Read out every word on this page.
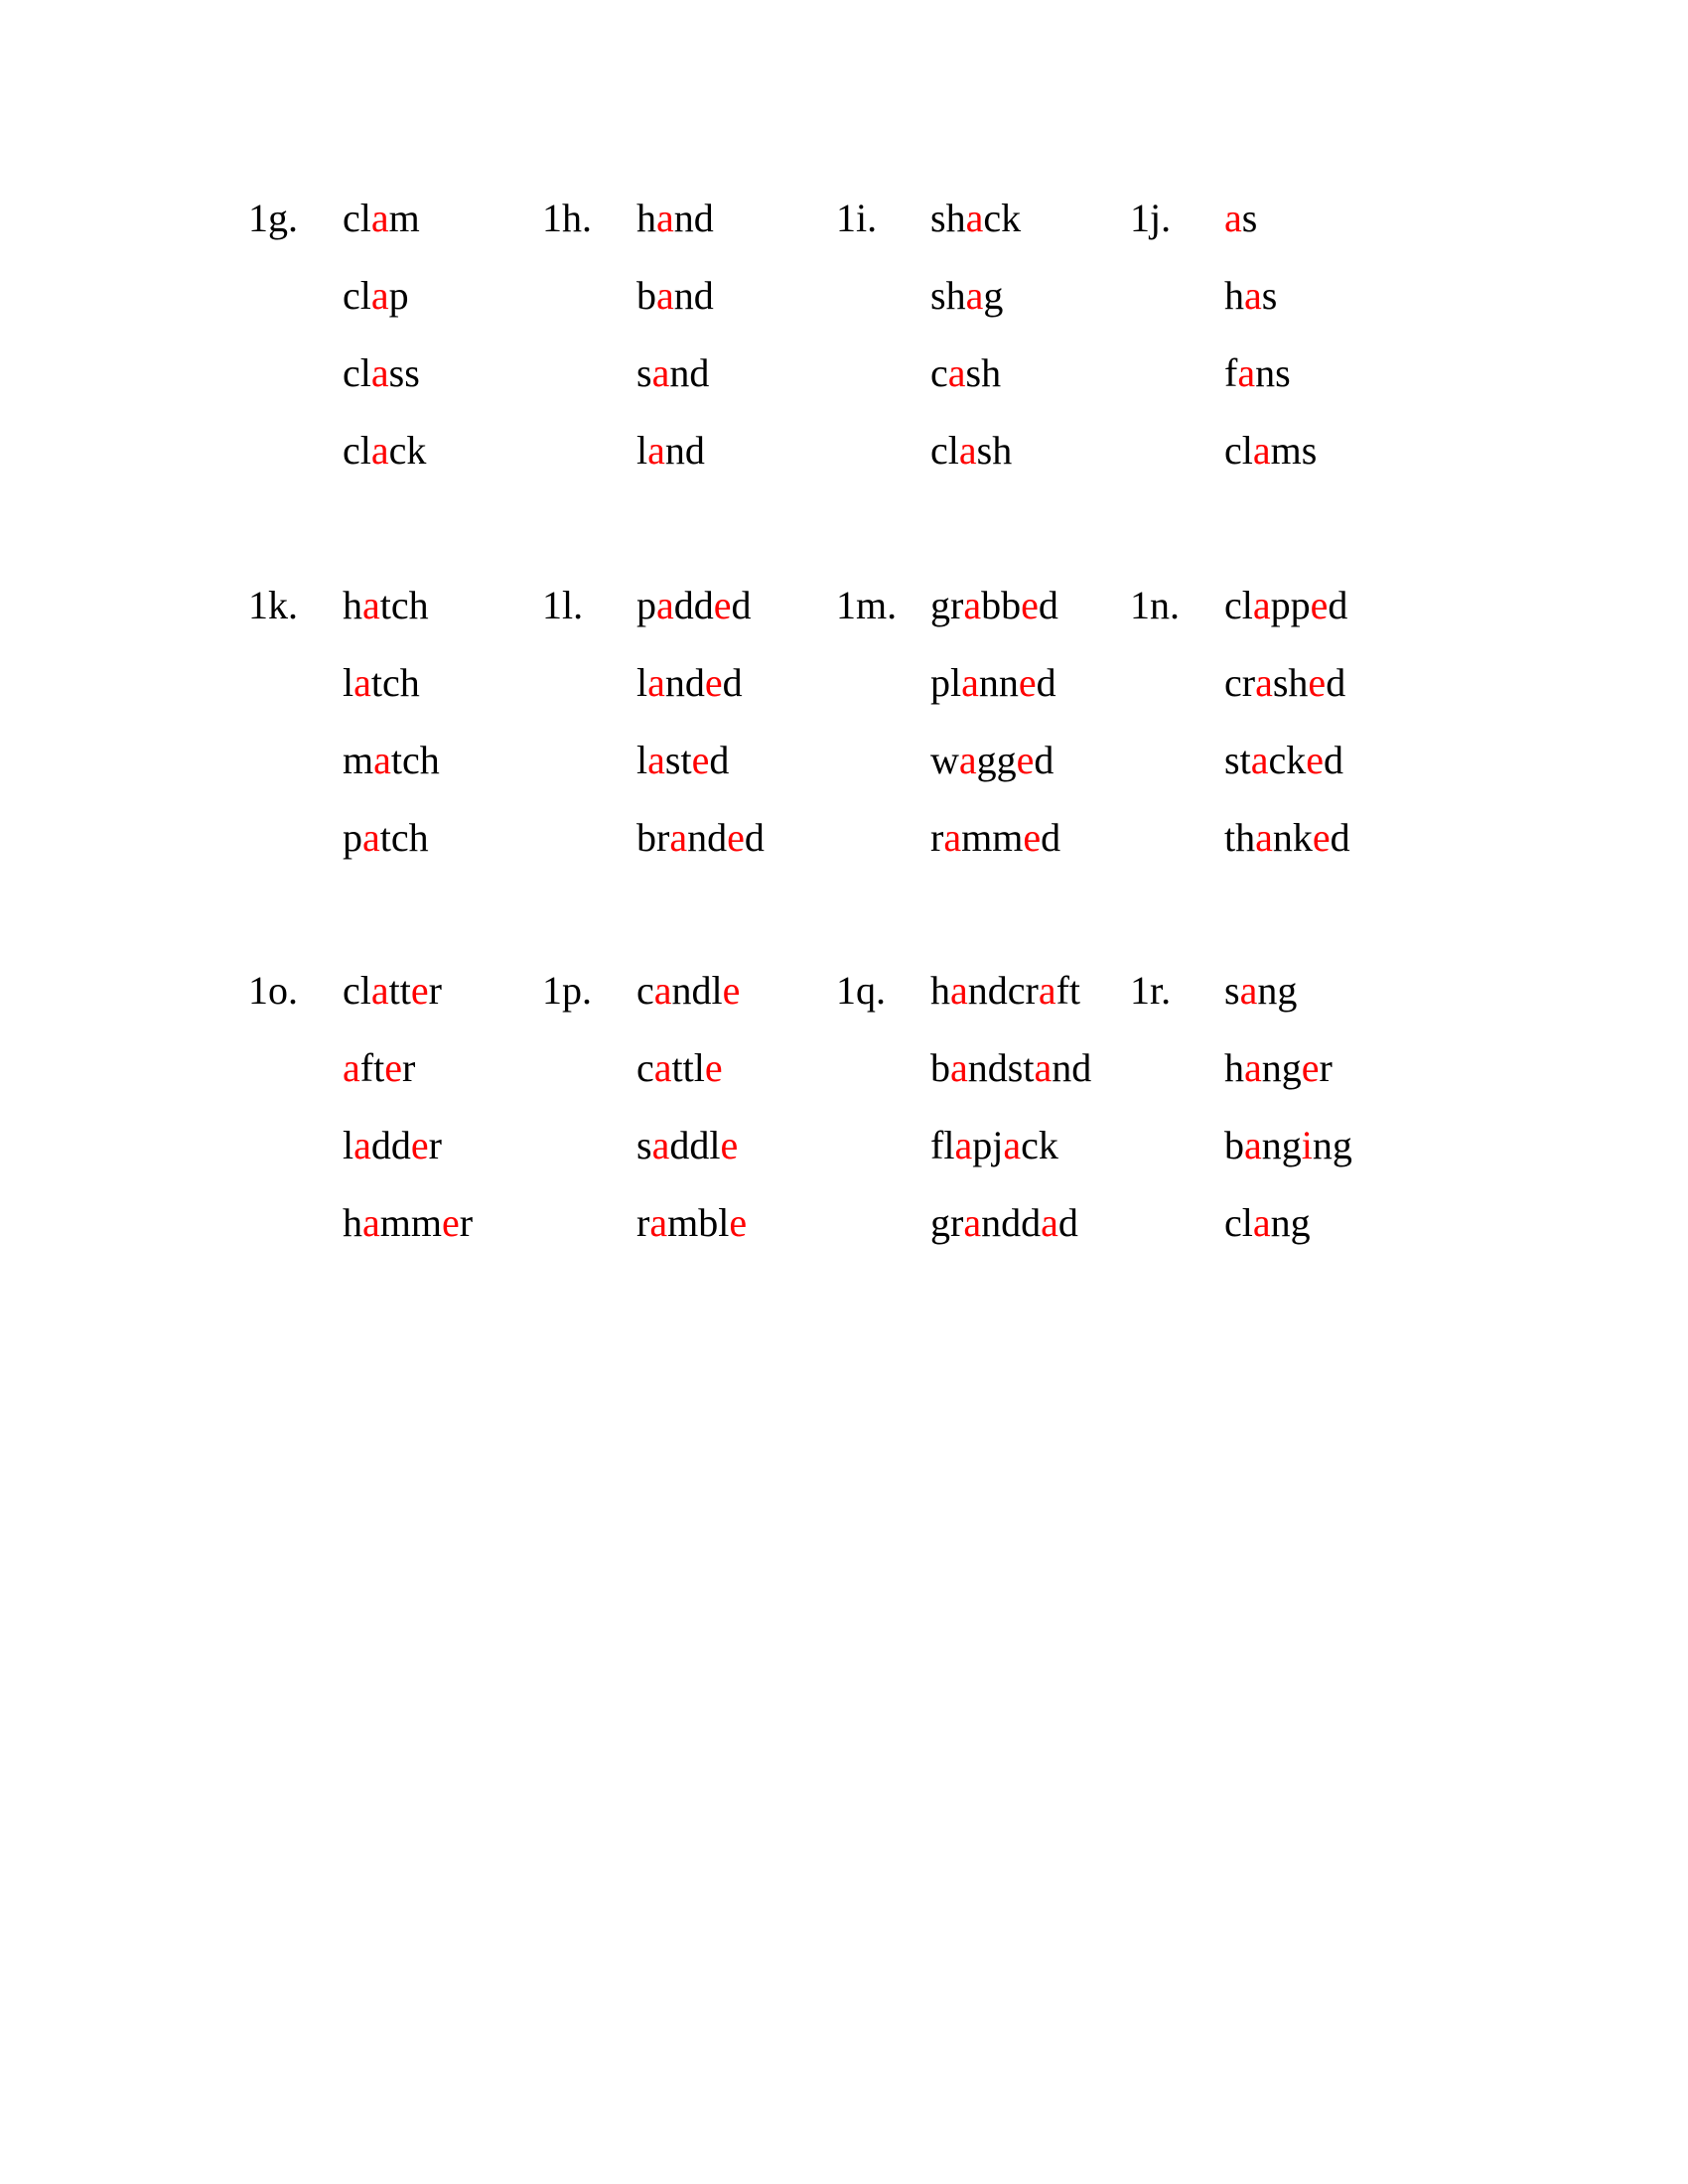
1g. clam
clap
class
clack
1h. hand
band
sand
land
1i. shack
shag
cash
clash
1j. as
has
fans
clams
1k. hatch
latch
match
patch
1l. padded
landed
lasted
branded
1m. grabbed
planned
wagged
rammed
1n. clapped
crashed
stacked
thanked
1o. clatter
after
ladder
hammer
1p. candle
cattle
saddle
ramble
1q. handcraft
bandstand
flapjack
granddad
1r. sang
hanger
banging
clang
